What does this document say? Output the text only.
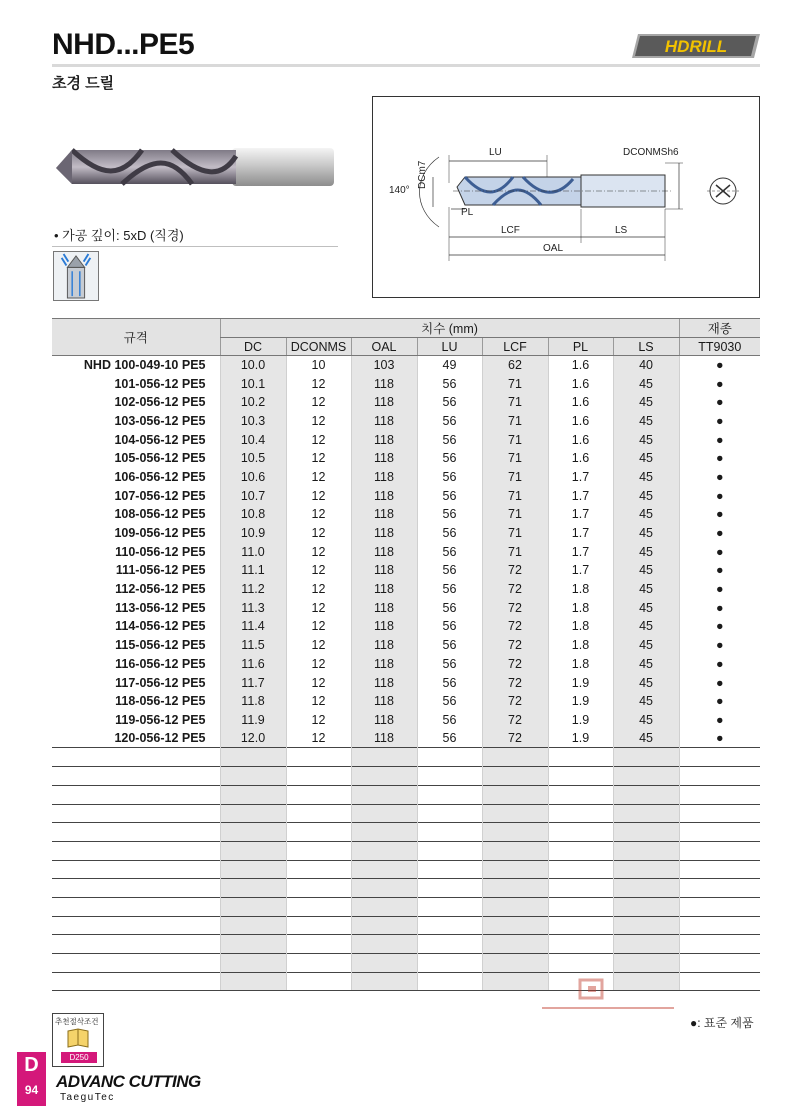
NHD...PE5
초경 드릴
HDRILL
• 가공 깊이: 5xD (직경)
LU	DCONMSh6
140°
DCm7
PL
LCF	LS
OAL
규격	치수 (mm)							재종
	DC	DCONMS	OAL	LU	LCF	PL	LS	TT9030
NHD 100-049-10 PE5	10.0	10	103	49	62	1.6	40	●
101-056-12 PE5	10.1	12	118	56	71	1.6	45	●
102-056-12 PE5	10.2	12	118	56	71	1.6	45	●
103-056-12 PE5	10.3	12	118	56	71	1.6	45	●
104-056-12 PE5	10.4	12	118	56	71	1.6	45	●
105-056-12 PE5	10.5	12	118	56	71	1.6	45	●
106-056-12 PE5	10.6	12	118	56	71	1.7	45	●
107-056-12 PE5	10.7	12	118	56	71	1.7	45	●
108-056-12 PE5	10.8	12	118	56	71	1.7	45	●
109-056-12 PE5	10.9	12	118	56	71	1.7	45	●
110-056-12 PE5	11.0	12	118	56	71	1.7	45	●
111-056-12 PE5	11.1	12	118	56	72	1.7	45	●
112-056-12 PE5	11.2	12	118	56	72	1.8	45	●
113-056-12 PE5	11.3	12	118	56	72	1.8	45	●
114-056-12 PE5	11.4	12	118	56	72	1.8	45	●
115-056-12 PE5	11.5	12	118	56	72	1.8	45	●
116-056-12 PE5	11.6	12	118	56	72	1.8	45	●
117-056-12 PE5	11.7	12	118	56	72	1.9	45	●
118-056-12 PE5	11.8	12	118	56	72	1.9	45	●
119-056-12 PE5	11.9	12	118	56	72	1.9	45	●
120-056-12 PE5	12.0	12	118	56	72	1.9	45	●

●: 표준 제품
추천절삭조건
D250
D
94	ADVANC CUTTING
TaeguTec
